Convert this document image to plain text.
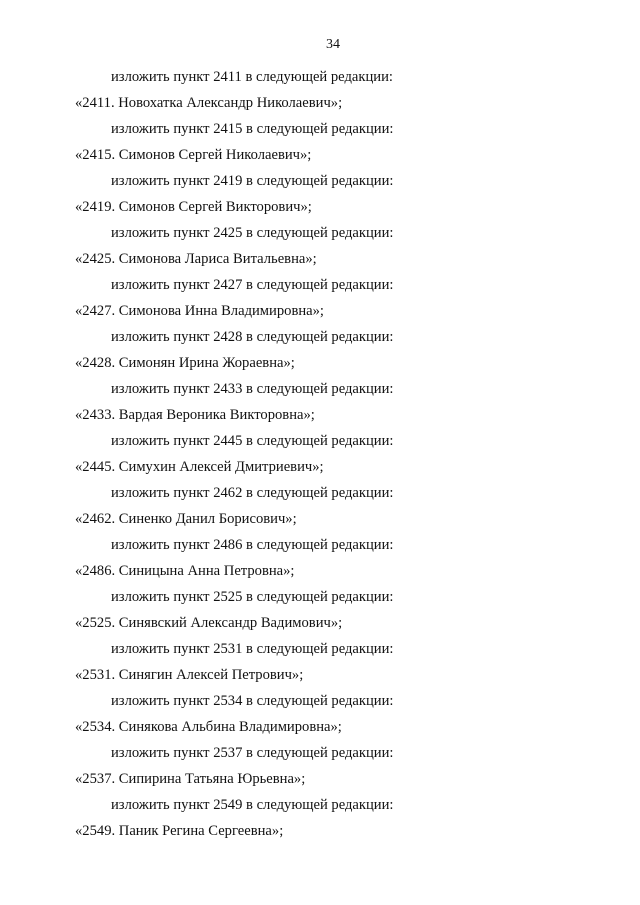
34
изложить пункт 2411 в следующей редакции:
«2411. Новохатка Александр Николаевич»;
изложить пункт 2415 в следующей редакции:
«2415. Симонов Сергей Николаевич»;
изложить пункт 2419 в следующей редакции:
«2419. Симонов Сергей Викторович»;
изложить пункт 2425 в следующей редакции:
«2425. Симонова Лариса Витальевна»;
изложить пункт 2427 в следующей редакции:
«2427. Симонова Инна Владимировна»;
изложить пункт 2428 в следующей редакции:
«2428. Симонян Ирина Жораевна»;
изложить пункт 2433 в следующей редакции:
«2433. Вардая Вероника Викторовна»;
изложить пункт 2445 в следующей редакции:
«2445. Симухин Алексей Дмитриевич»;
изложить пункт 2462 в следующей редакции:
«2462. Синенко Данил Борисович»;
изложить пункт 2486 в следующей редакции:
«2486. Синицына Анна Петровна»;
изложить пункт 2525 в следующей редакции:
«2525. Синявский Александр Вадимович»;
изложить пункт 2531 в следующей редакции:
«2531. Синягин Алексей Петрович»;
изложить пункт 2534 в следующей редакции:
«2534. Синякова Альбина Владимировна»;
изложить пункт 2537 в следующей редакции:
«2537. Сипирина Татьяна Юрьевна»;
изложить пункт 2549 в следующей редакции:
«2549. Паник Регина Сергеевна»;
